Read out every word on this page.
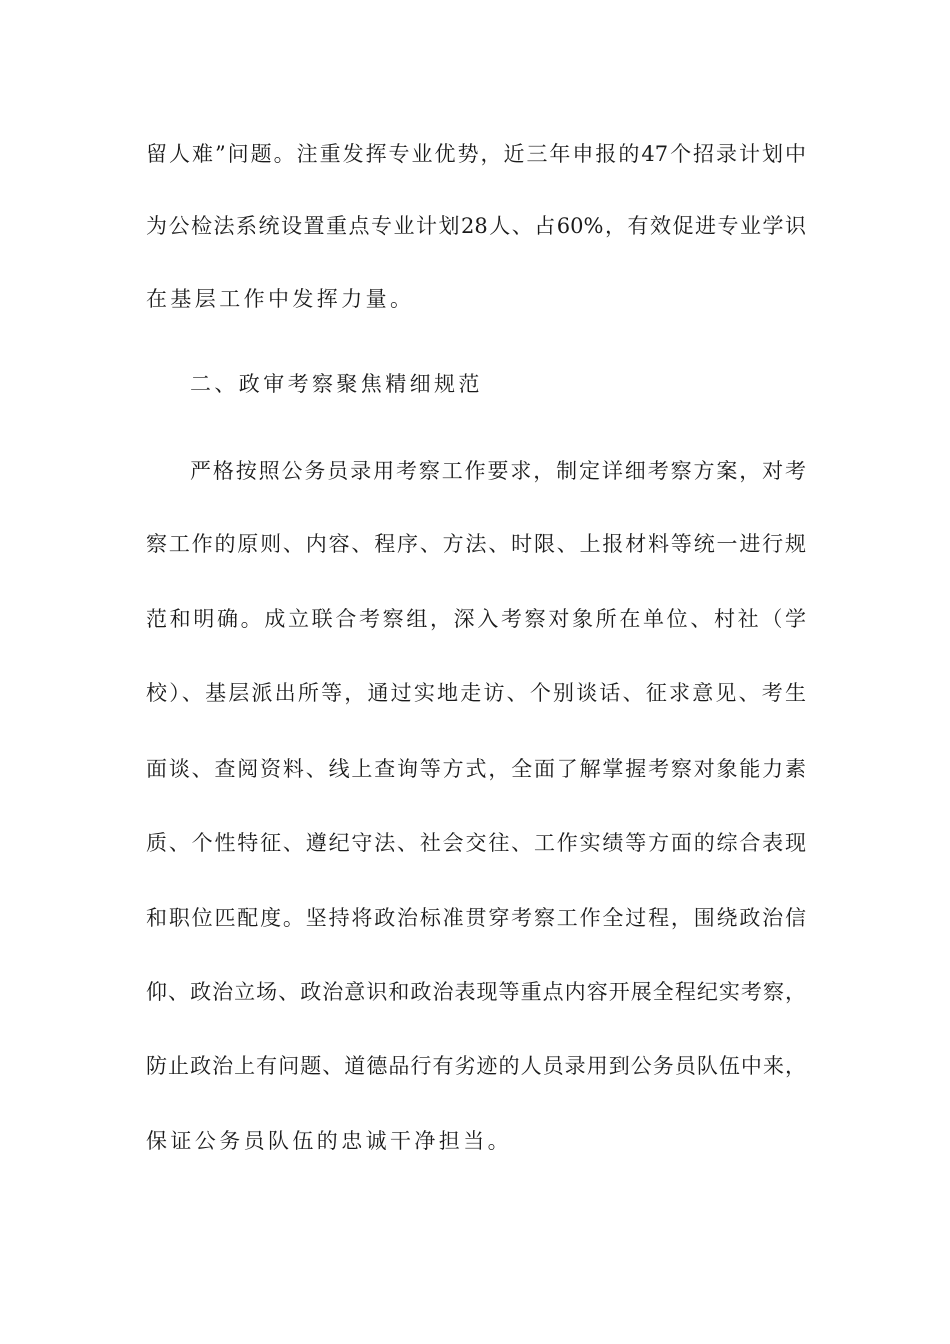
留人难”问题。注重发挥专业优势，近三年申报的47个招录计划中
为公检法系统设置重点专业计划28人、占60%，有效促进专业学识
在基层工作中发挥力量。
二、政审考察聚焦精细规范
严格按照公务员录用考察工作要求，制定详细考察方案，对考
察工作的原则、内容、程序、方法、时限、上报材料等统一进行规
范和明确。成立联合考察组，深入考察对象所在单位、村社（学
校）、基层派出所等，通过实地走访、个别谈话、征求意见、考生
面谈、查阅资料、线上查询等方式，全面了解掌握考察对象能力素
质、个性特征、遵纪守法、社会交往、工作实绩等方面的综合表现
和职位匹配度。坚持将政治标准贯穿考察工作全过程，围绕政治信
仰、政治立场、政治意识和政治表现等重点内容开展全程纪实考察，
防止政治上有问题、道德品行有劣迹的人员录用到公务员队伍中来，
保证公务员队伍的忠诚干净担当。
